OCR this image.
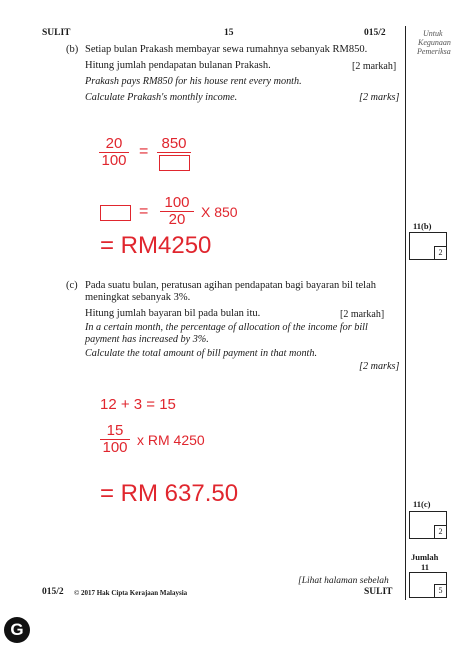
SULIT	15	015/2	Untuk
Kegunaan
Pemeriksa
(b) Setiap bulan Prakash membayar sewa rumahnya sebanyak RM850.
Hitung jumlah pendapatan bulanan Prakash.	[2 markah]
Prakash pays RM850 for his house rent every month.
Calculate Prakash's monthly income.	[2 marks]
20
100
= 850
=
100
20	X 850
= RM4250
11(b)
2
(c) Pada suatu bulan, peratusan agihan pendapatan bagi bayaran bil telah
meningkat sebanyak 3%.
Hitung jumlah bayaran bil pada bulan itu.	[2 markah]
In a certain month, the percentage of allocation of the income for bill
payment has increased by 3%.
Calculate the total amount of bill payment in that month.
[2 marks]
12 + 3 = 15
15
100 x RM 4250
= RM 637.50	11(c)
2
Jumlah
11
5
015/2 © 2017 Hak Cipta Kerajaan Malaysia
[Lihat halaman sebelah
SULIT
G
